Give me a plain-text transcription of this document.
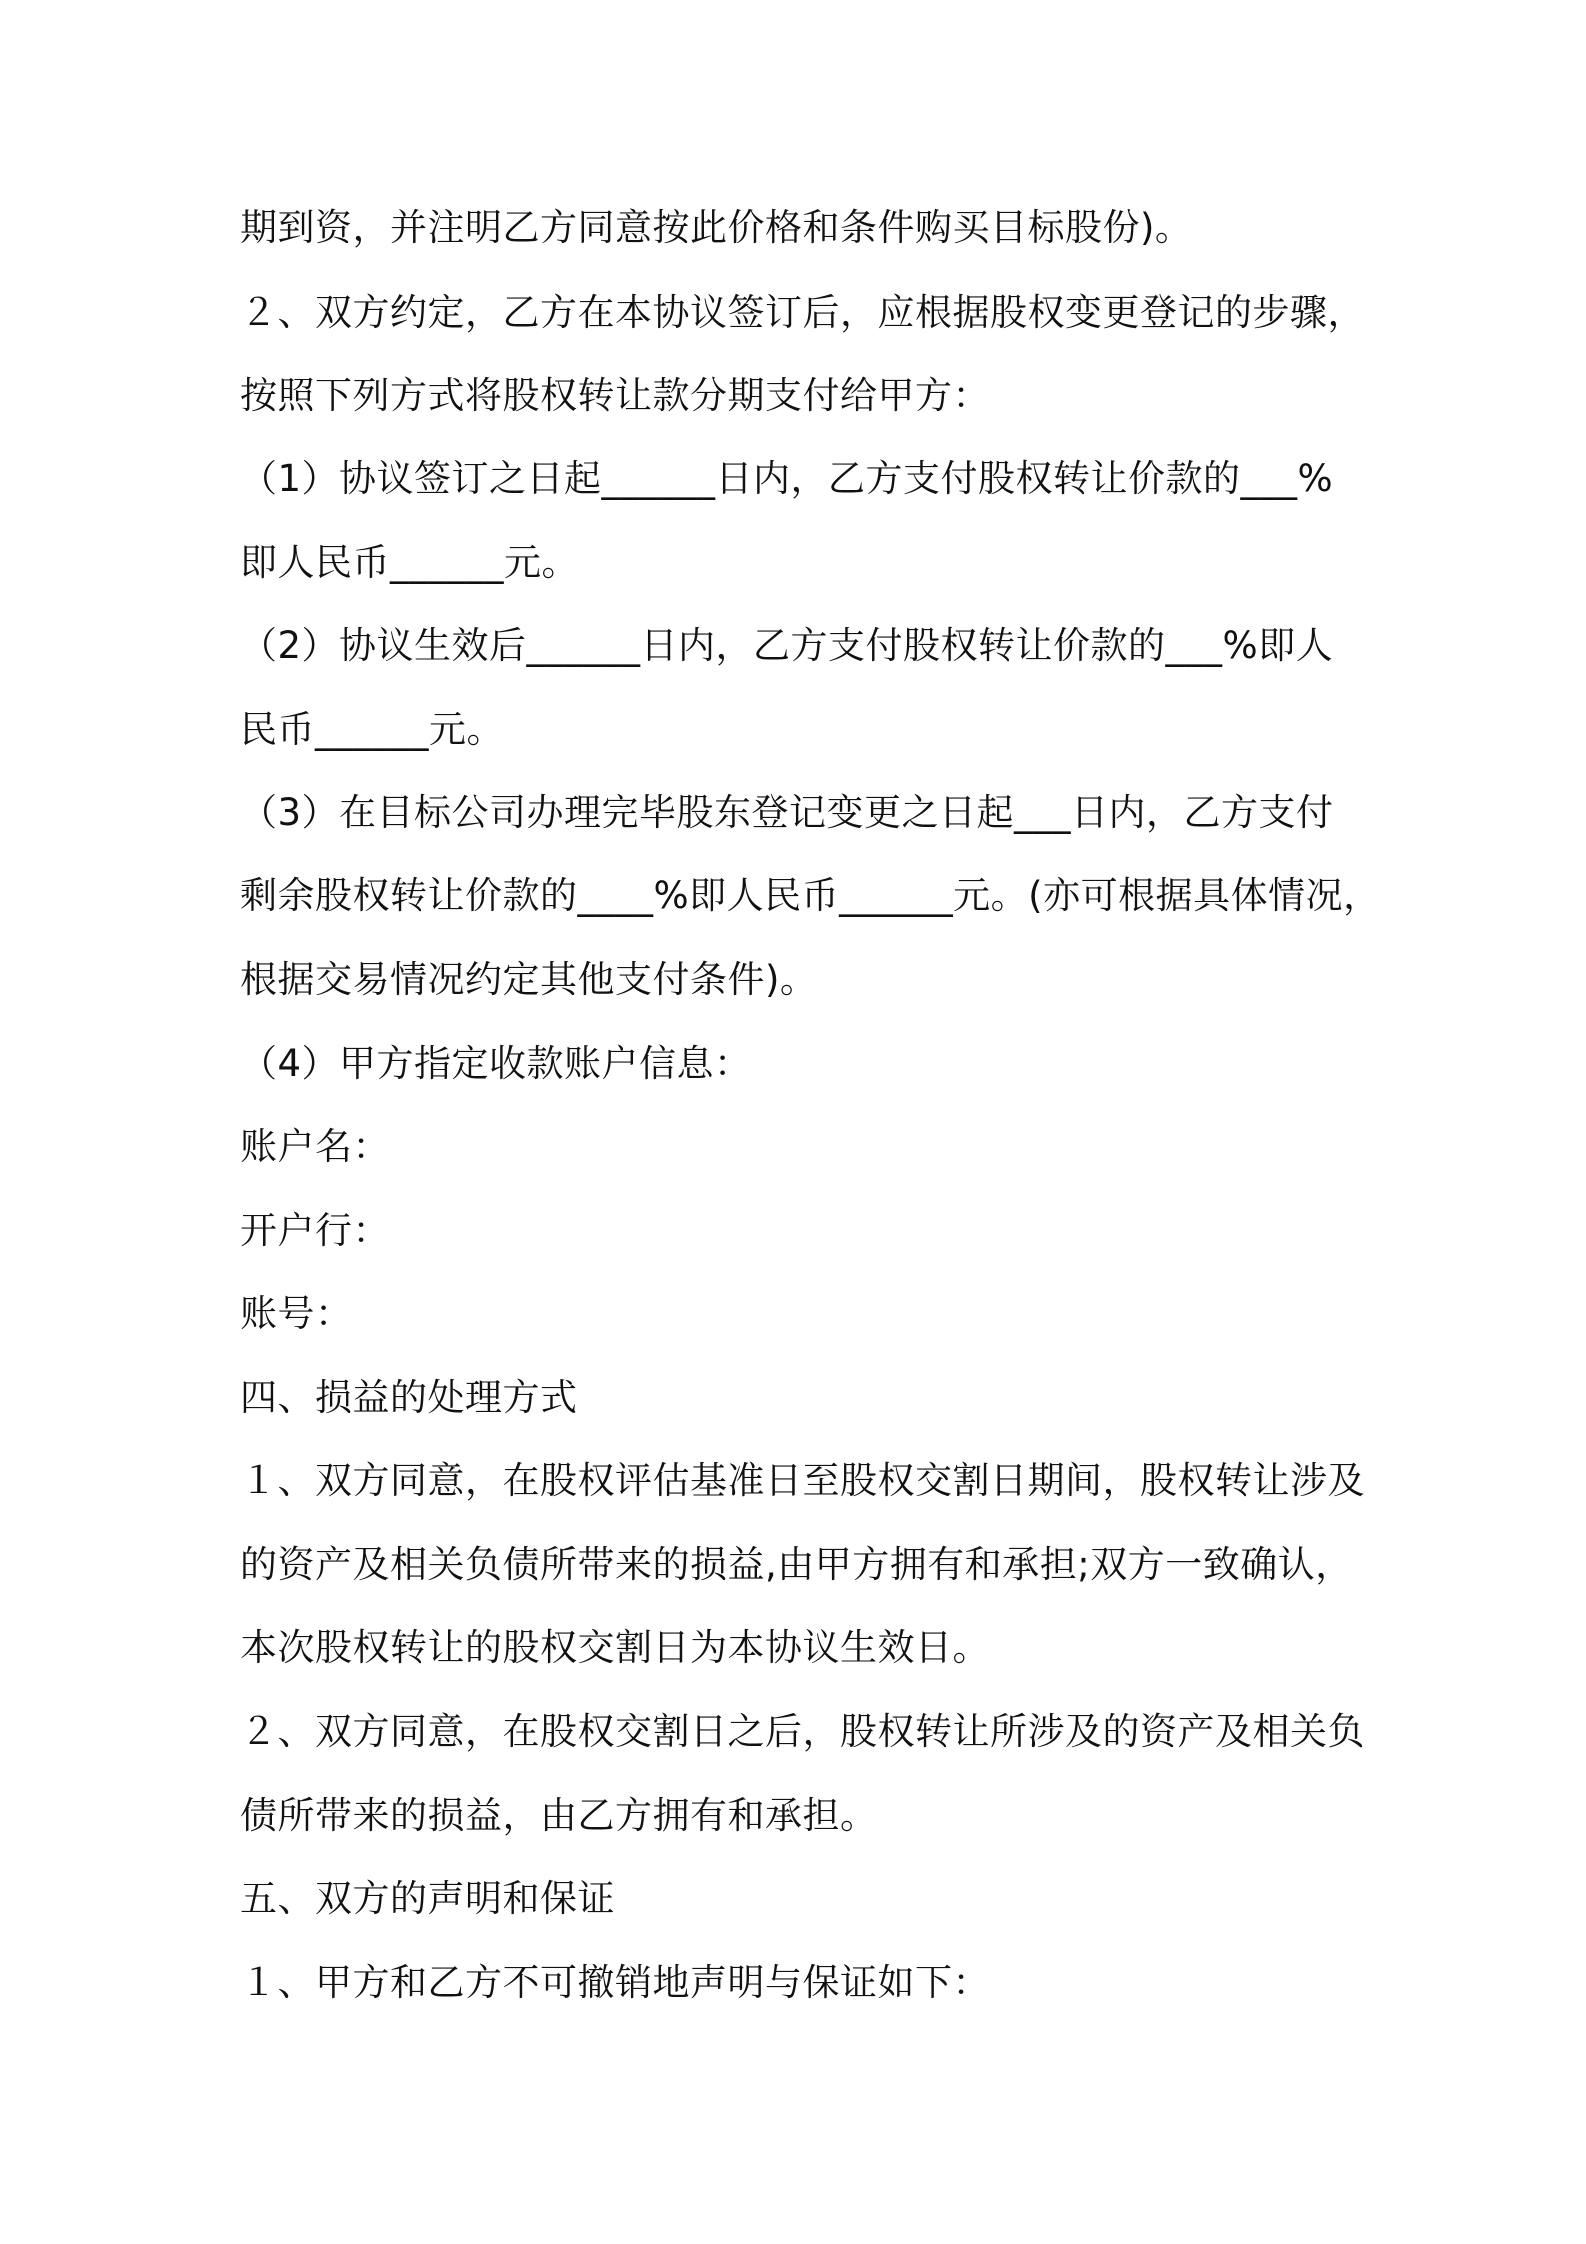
期到资，并注明乙方同意按此价格和条件购买目标股份)。
２、双方约定，乙方在本协议签订后，应根据股权变更登记的步骤，
按照下列方式将股权转让款分期支付给甲方：
（1）协议签订之日起______日内，乙方支付股权转让价款的___%
即人民币______元。
（2）协议生效后______日内，乙方支付股权转让价款的___%即人
民币______元。
（3）在目标公司办理完毕股东登记变更之日起___日内，乙方支付
剩余股权转让价款的____%即人民币______元。(亦可根据具体情况，
根据交易情况约定其他支付条件)。
（4）甲方指定收款账户信息：
账户名：
开户行：
账号：
四、损益的处理方式
１、双方同意，在股权评估基准日至股权交割日期间，股权转让涉及
的资产及相关负债所带来的损益,由甲方拥有和承担;双方一致确认，
本次股权转让的股权交割日为本协议生效日。
２、双方同意，在股权交割日之后，股权转让所涉及的资产及相关负
债所带来的损益，由乙方拥有和承担。
五、双方的声明和保证
１、甲方和乙方不可撤销地声明与保证如下：
